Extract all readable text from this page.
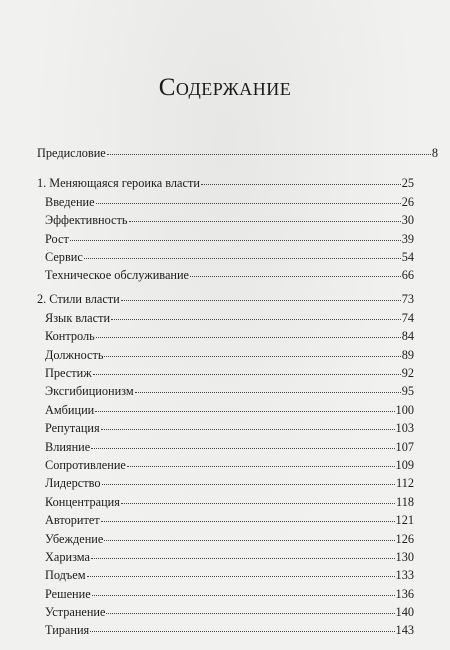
Содержание
Предисловие	8
1. Меняющаяся героика власти	25
Введение	26
Эффективность	30
Рост	39
Сервис	54
Техническое обслуживание	66
2. Стили власти	73
Язык власти	74
Контроль	84
Должность	89
Престиж	92
Эксгибиционизм	95
Амбиции	100
Репутация	103
Влияние	107
Сопротивление	109
Лидерство	112
Концентрация	118
Авторитет	121
Убеждение	126
Харизма	130
Подъем	133
Решение	136
Устранение	140
Тирания	143
